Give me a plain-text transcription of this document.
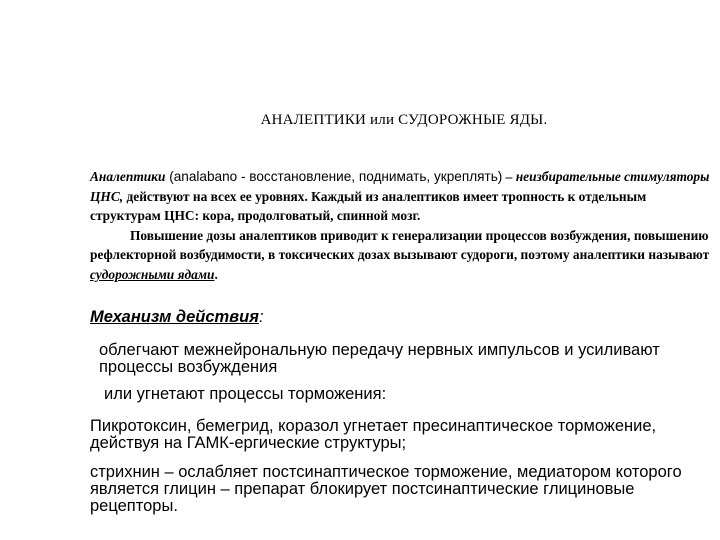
АНАЛЕПТИКИ или СУДОРОЖНЫЕ ЯДЫ.
Аналептики (analabano - восстановление, поднимать, укреплять) – неизбирательные стимуляторы ЦНС, действуют на всех ее уровнях. Каждый из аналептиков имеет тропность к отдельным структурам ЦНС: кора, продолговатый, спинной мозг.
Повышение дозы аналептиков приводит к генерализации процессов возбуждения, повышению рефлекторной возбудимости, в токсических дозах вызывают судороги, поэтому аналептики называют судорожными ядами.
Механизм действия:
облегчают межнейрональную передачу нервных импульсов и усиливают процессы возбуждения
или угнетают процессы торможения:
Пикротоксин, бемегрид, коразол угнетает пресинаптическое торможение, действуя на ГАМК-ергические структуры;
стрихнин – ослабляет постсинаптическое торможение, медиатором которого является глицин – препарат блокирует постсинаптические глициновые рецепторы.
